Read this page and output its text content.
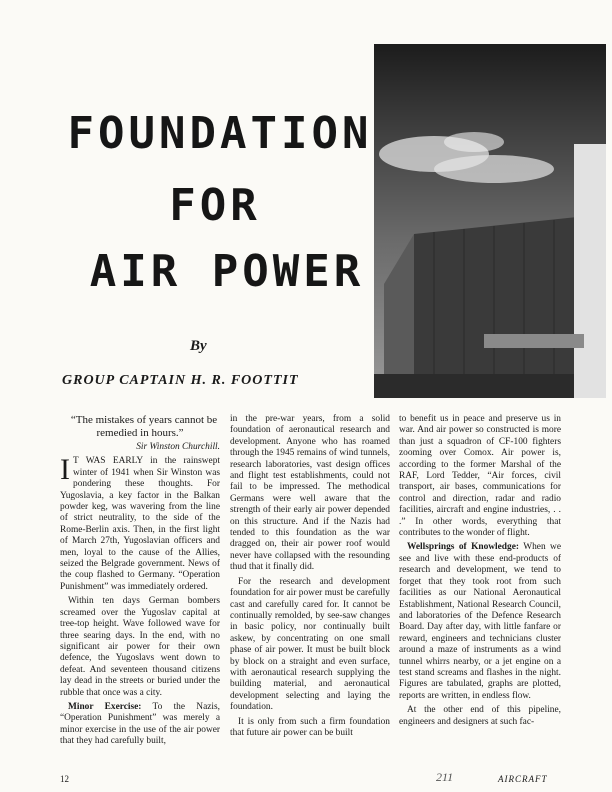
FOUNDATION
FOR
AIR POWER
By
GROUP CAPTAIN H. R. FOOTTIT

“The mistakes of years cannot be remedied in hours.”

Sir Winston Churchill.

I T WAS EARLY in the rainswept winter of 1941 when Sir Winston was pondering these thoughts. For Yugoslavia, a key factor in the Balkan powder keg, was wavering from the line of strict neutrality, to the side of the Rome-Berlin axis. Then, in the first light of March 27th, Yugoslavian officers and men, loyal to the cause of the Allies, seized the Belgrade government. News of the coup flashed to Germany. “Operation Punishment” was immediately ordered.

Within ten days German bombers screamed over the Yugoslav capital at tree-top height. Wave followed wave for three searing days. In the end, with no significant air power for their own defence, the Yugoslavs went down to defeat. And seventeen thousand citizens lay dead in the streets or buried under the rubble that once was a city.

Minor Exercise: To the Nazis, “Operation Punishment” was merely a minor exercise in the use of the air power that they had carefully built,

in the pre-war years, from a solid foundation of aeronautical research and development. Anyone who has roamed through the 1945 remains of wind tunnels, research laboratories, vast design offices and flight test establishments, could not fail to be impressed. The methodical Germans were well aware that the strength of their early air power depended on this structure. And if the Nazis had tended to this foundation as the war dragged on, their air power roof would never have collapsed with the resounding thud that it finally did.

For the research and development foundation for air power must be carefully cast and carefully cared for. It cannot be continually remolded, by see-saw changes in basic policy, nor continually built askew, by concentrating on one small phase of air power. It must be built block by block on a straight and even surface, with aeronautical research supplying the building material, and aeronautical development selecting and laying the foundation.

It is only from such a firm foundation that future air power can be built

to benefit us in peace and preserve us in war. And air power so constructed is more than just a squadron of CF-100 fighters zooming over Comox. Air power is, according to the former Marshal of the RAF, Lord Tedder, “Air forces, civil transport, air bases, communications for control and direction, radar and radio facilities, aircraft and engine industries, . . .” In other words, everything that contributes to the wonder of flight.

Wellsprings of Knowledge: When we see and live with these end-products of research and development, we tend to forget that they took root from such facilities as our National Aeronautical Establishment, National Research Council, and laboratories of the Defence Research Board. Day after day, with little fanfare or reward, engineers and technicians cluster around a maze of instruments as a wind tunnel whirrs nearby, or a jet engine on a test stand screams and flashes in the night. Figures are tabulated, graphs are plotted, reports are written, in endless flow.

At the other end of this pipeline, engineers and designers at such fac-

12	211	AIRCRAFT
